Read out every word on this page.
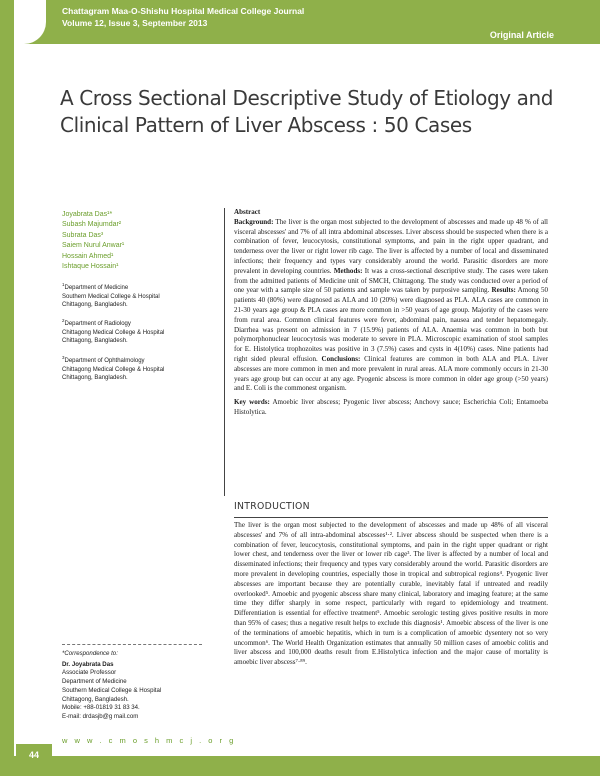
Chattagram Maa-O-Shishu Hospital Medical College Journal
Volume 12, Issue 3, September 2013
Original Article
A Cross Sectional Descriptive Study of Etiology and Clinical Pattern of Liver Abscess : 50 Cases
Joyabrata Das¹*
Subash Majumdar²
Subrata Das³
Saiem Nurul Anwar¹
Hossain Ahmed¹
Ishtaque Hossain¹
$^1$Department of Medicine
Southern Medical College & Hospital
Chittagong, Bangladesh.
$^2$Department of Radiology
Chittagong Medical College & Hospital
Chittagong, Bangladesh.
$^3$Department of Ophthalmology
Chittagong Medical College & Hospital
Chittagong, Bangladesh.
Abstract
Background: The liver is the organ most subjected to the development of abscesses and made up 48 % of all visceral abscesses' and 7% of all intra abdominal abscesses. Liver abscess should be suspected when there is a combination of fever, leucocytosis, constitutional symptoms, and pain in the right upper quadrant, and tenderness over the liver or right lower rib cage. The liver is affected by a number of local and disseminated infections; their frequency and types vary considerably around the world. Parasitic disorders are more prevalent in developing countries. Methods: It was a cross-sectional descriptive study. The cases were taken from the admitted patients of Medicine unit of SMCH, Chittagong. The study was conducted over a period of one year with a sample size of 50 patients and sample was taken by purposive sampling. Results: Among 50 patients 40 (80%) were diagnosed as ALA and 10 (20%) were diagnosed as PLA. ALA cases are common in 21-30 years age group & PLA cases are more common in >50 years of age group. Majority of the cases were from rural area. Common clinical features were fever, abdominal pain, nausea and tender hepatomegaly. Diarrhea was present on admission in 7 (15.9%) patients of ALA. Anaemia was common in both but polymorphonuclear leucocytosis was moderate to severe in PLA. Microscopic examination of stool samples for E. Histolytica trophozoites was positive in 3 (7.5%) cases and cysts in 4(10%) cases. Nine patients had right sided pleural effusion. Conclusions: Clinical features are common in both ALA and PLA. Liver abscesses are more common in men and more prevalent in rural areas. ALA more commonly occurs in 21-30 years age group but can occur at any age. Pyogenic abscess is more common in older age group (>50 years) and E. Coli is the commonest organism.
Key words: Amoebic liver abscess; Pyogenic liver abscess; Anchovy sauce; Escherichia Coli; Entamoeba Histolytica.
INTRODUCTION
The liver is the organ most subjected to the development of abscesses and made up 48% of all visceral abscesses' and 7% of all intra-abdominal abscesses¹·². Liver abscess should be suspected when there is a combination of fever, leucocytosis, constitutional symptoms, and pain in the right upper quadrant or right lower chest, and tenderness over the liver or lower rib cage³. The liver is affected by a number of local and disseminated infections; their frequency and types vary considerably around the world. Parasitic disorders are more prevalent in developing countries, especially those in tropical and subtropical regions⁴. Pyogenic liver abscesses are important because they are potentially curable, inevitably fatal if untreated and readily overlooked⁵. Amoebic and pyogenic abscess share many clinical, laboratory and imaging feature; at the same time they differ sharply in some respect, particularly with regard to epidemiology and treatment. Differentiation is essential for effective treatment⁵. Amoebic serologic testing gives positive results in more than 95% of cases; thus a negative result helps to exclude this diagnosis¹. Amoebic abscess of the liver is one of the terminations of amoebic hepatitis, which in turn is a complication of amoebic dysentery not so very uncommon⁶. The World Health Organization estimates that annually 50 million cases of amoebic colitis and liver abscess and 100,000 deaths result from E.Histolytica infection and the major cause of mortality is amoebic liver abscess⁷·⁸⁹.
*Correspondence to:
Dr. Joyabrata Das
Associate Professor
Department of Medicine
Southern Medical College & Hospital
Chittagong, Bangladesh.
Mobile: +88-01819 31 83 34.
E-mail: drdasjb@g mail.com
w w w . c m o s h m c j . o r g
44
